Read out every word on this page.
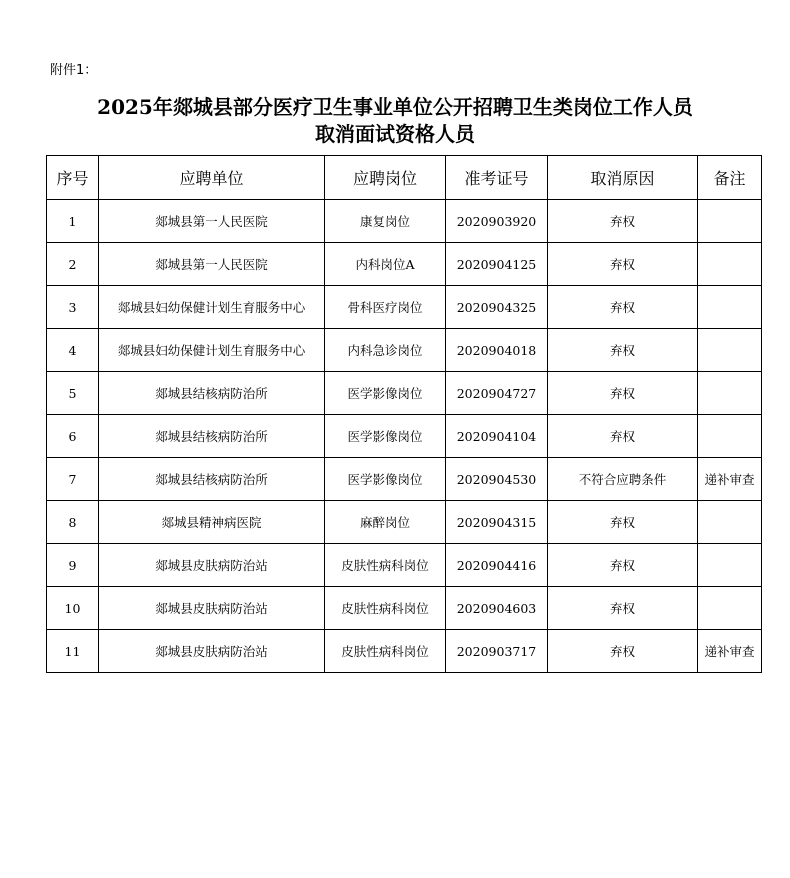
附件1：
2025年郯城县部分医疗卫生事业单位公开招聘卫生类岗位工作人员
取消面试资格人员
序号	应聘单位	应聘岗位	准考证号	取消原因	备注
1	郯城县第一人民医院	康复岗位	2020903920	弃权	
2	郯城县第一人民医院	内科岗位A	2020904125	弃权	
3	郯城县妇幼保健计划生育服务中心	骨科医疗岗位	2020904325	弃权	
4	郯城县妇幼保健计划生育服务中心	内科急诊岗位	2020904018	弃权	
5	郯城县结核病防治所	医学影像岗位	2020904727	弃权	
6	郯城县结核病防治所	医学影像岗位	2020904104	弃权	
7	郯城县结核病防治所	医学影像岗位	2020904530	不符合应聘条件	递补审查
8	郯城县精神病医院	麻醉岗位	2020904315	弃权	
9	郯城县皮肤病防治站	皮肤性病科岗位	2020904416	弃权	
10	郯城县皮肤病防治站	皮肤性病科岗位	2020904603	弃权	
11	郯城县皮肤病防治站	皮肤性病科岗位	2020903717	弃权	递补审查
